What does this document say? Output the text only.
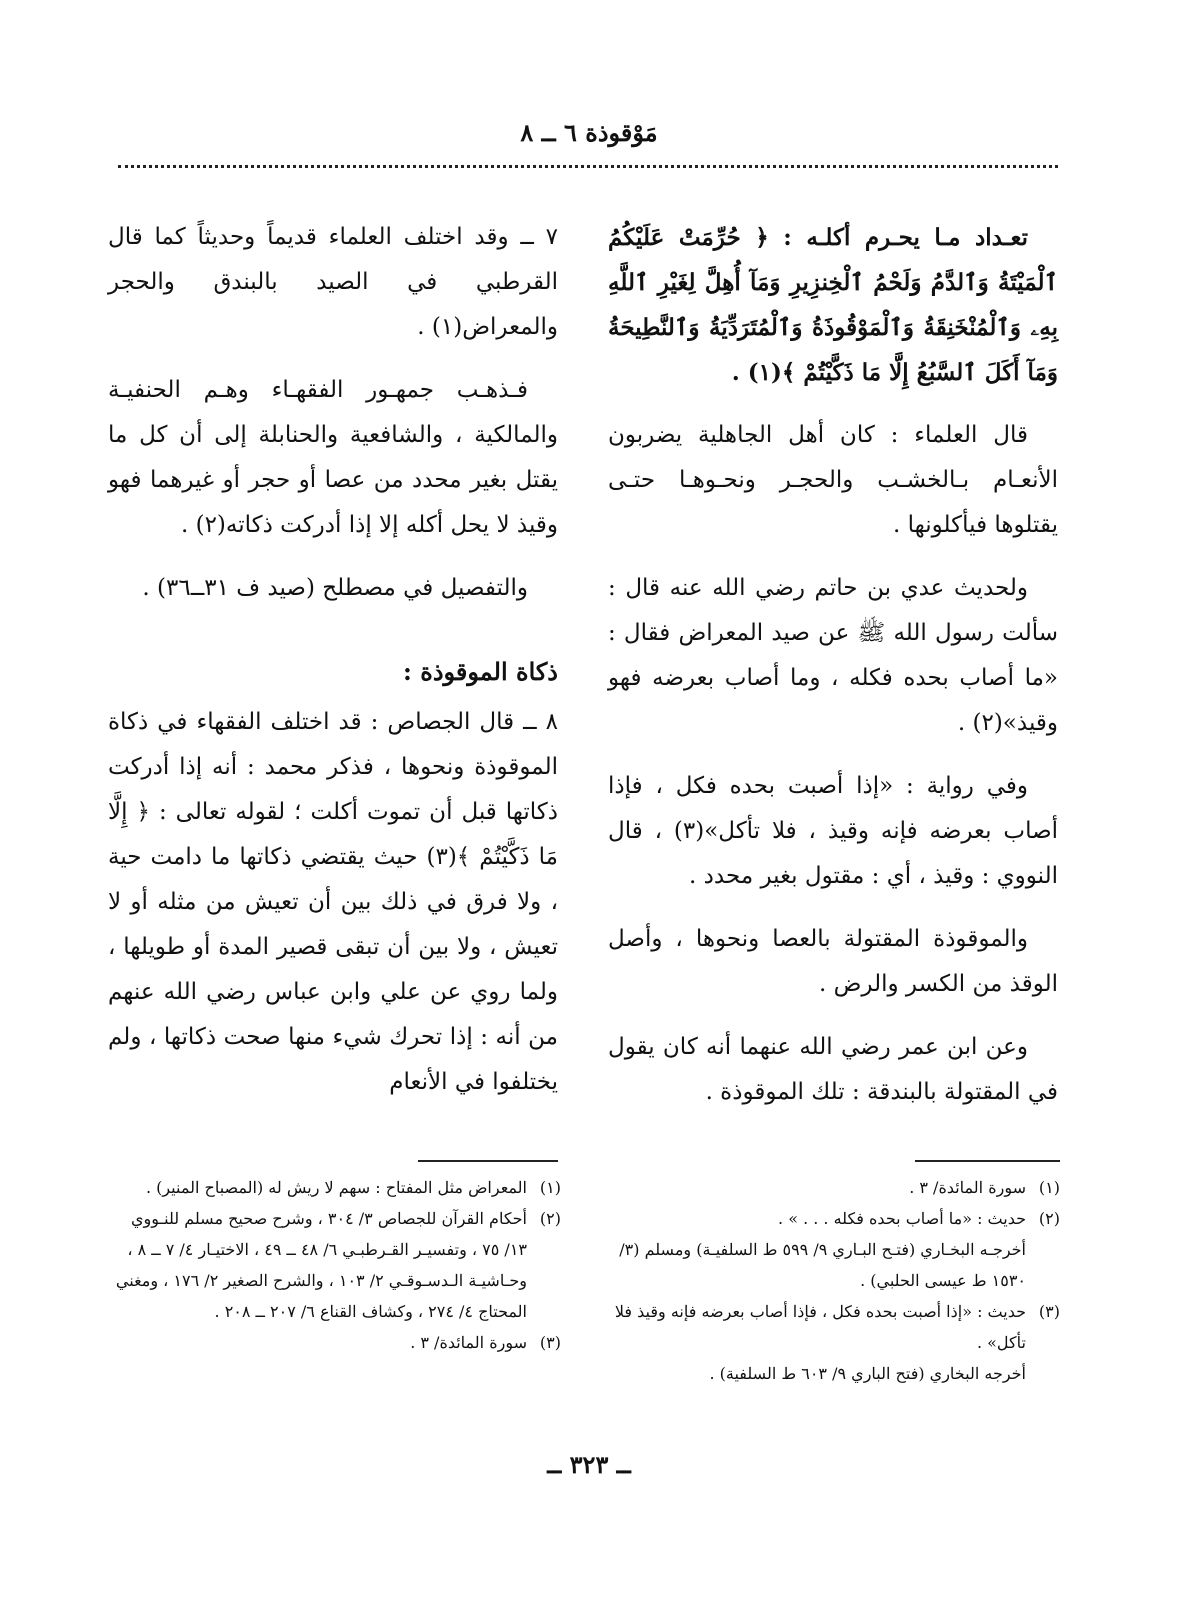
مَوْقوذة ٦ ــ ٨

تعـداد مـا يحـرم أكلـه : ﴿ حُرِّمَتْ عَلَيْكُمُ ٱلْمَيْتَةُ وَٱلدَّمُ وَلَحْمُ ٱلْخِنزِيرِ وَمَآ أُهِلَّ لِغَيْرِ ٱللَّهِ بِهِۦ وَٱلْمُنْخَنِقَةُ وَٱلْمَوْقُوذَةُ وَٱلْمُتَرَدِّيَةُ وَٱلنَّطِيحَةُ وَمَآ أَكَلَ ٱلسَّبُعُ إِلَّا مَا ذَكَّيْتُمْ ﴾(١) .

قال العلماء : كان أهل الجاهلية يضربون الأنعـام بـالخشـب والحجـر ونحـوهـا حتـى يقتلوها فيأكلونها .

ولحديث عدي بن حاتم رضي الله عنه قال : سألت رسول الله ﷺ عن صيد المعراض فقال : «ما أصاب بحده فكله ، وما أصاب بعرضه فهو وقيذ»(٢) .

وفي رواية : «إذا أصبت بحده فكل ، فإذا أصاب بعرضه فإنه وقيذ ، فلا تأكل»(٣) ، قال النووي : وقيذ ، أي : مقتول بغير محدد .

والموقوذة المقتولة بالعصا ونحوها ، وأصل الوقذ من الكسر والرض .

وعن ابن عمر رضي الله عنهما أنه كان يقول في المقتولة بالبندقة : تلك الموقوذة .

٧ ــ وقد اختلف العلماء قديماً وحديثاً كما قال القرطبي في الصيد بالبندق والحجر والمعراض(١) .

فـذهـب جمهـور الفقهـاء وهـم الحنفيـة والمالكية ، والشافعية والحنابلة إلى أن كل ما يقتل بغير محدد من عصا أو حجر أو غيرهما فهو وقيذ لا يحل أكله إلا إذا أدركت ذكاته(٢) .

والتفصيل في مصطلح (صيد ف ٣١ــ٣٦) .

ذكاة الموقوذة :

٨ ــ قال الجصاص : قد اختلف الفقهاء في ذكاة الموقوذة ونحوها ، فذكر محمد : أنه إذا أدركت ذكاتها قبل أن تموت أكلت ؛ لقوله تعالى : ﴿ إِلَّا مَا ذَكَّيْتُمْ ﴾(٣) حيث يقتضي ذكاتها ما دامت حية ، ولا فرق في ذلك بين أن تعيش من مثله أو لا تعيش ، ولا بين أن تبقى قصير المدة أو طويلها ، ولما روي عن علي وابن عباس رضي الله عنهم من أنه : إذا تحرك شيء منها صحت ذكاتها ، ولم يختلفوا في الأنعام

(١)
سورة المائدة/ ٣ .
(٢)
حديث : «ما أصاب بحده فكله . . . » .
أخرجـه البخـاري (فتـح البـاري ٩/ ٥٩٩ ط السلفيـة) ومسلم (٣/ ١٥٣٠ ط عيسى الحلبي) .
(٣)
حديث : «إذا أصبت بحده فكل ، فإذا أصاب بعرضه فإنه وقيذ فلا تأكل» .
أخرجه البخاري (فتح الباري ٩/ ٦٠٣ ط السلفية) .
(١)
المعراض مثل المفتاح : سهم لا ريش له (المصباح المنير) .
(٢)
أحكام القرآن للجصاص ٣/ ٣٠٤ ، وشرح صحيح مسلم للنـووي ١٣/ ٧٥ ، وتفسيـر القـرطبـي ٦/ ٤٨ ــ ٤٩ ، الاختيـار ٤/ ٧ ــ ٨ ، وحـاشيـة الـدسـوقـي ٢/ ١٠٣ ، والشرح الصغير ٢/ ١٧٦ ، ومغني المحتاج ٤/ ٢٧٤ ، وكشاف القناع ٦/ ٢٠٧ ــ ٢٠٨ .
(٣)
سورة المائدة/ ٣ .
ــ ٣٢٣ ــ
